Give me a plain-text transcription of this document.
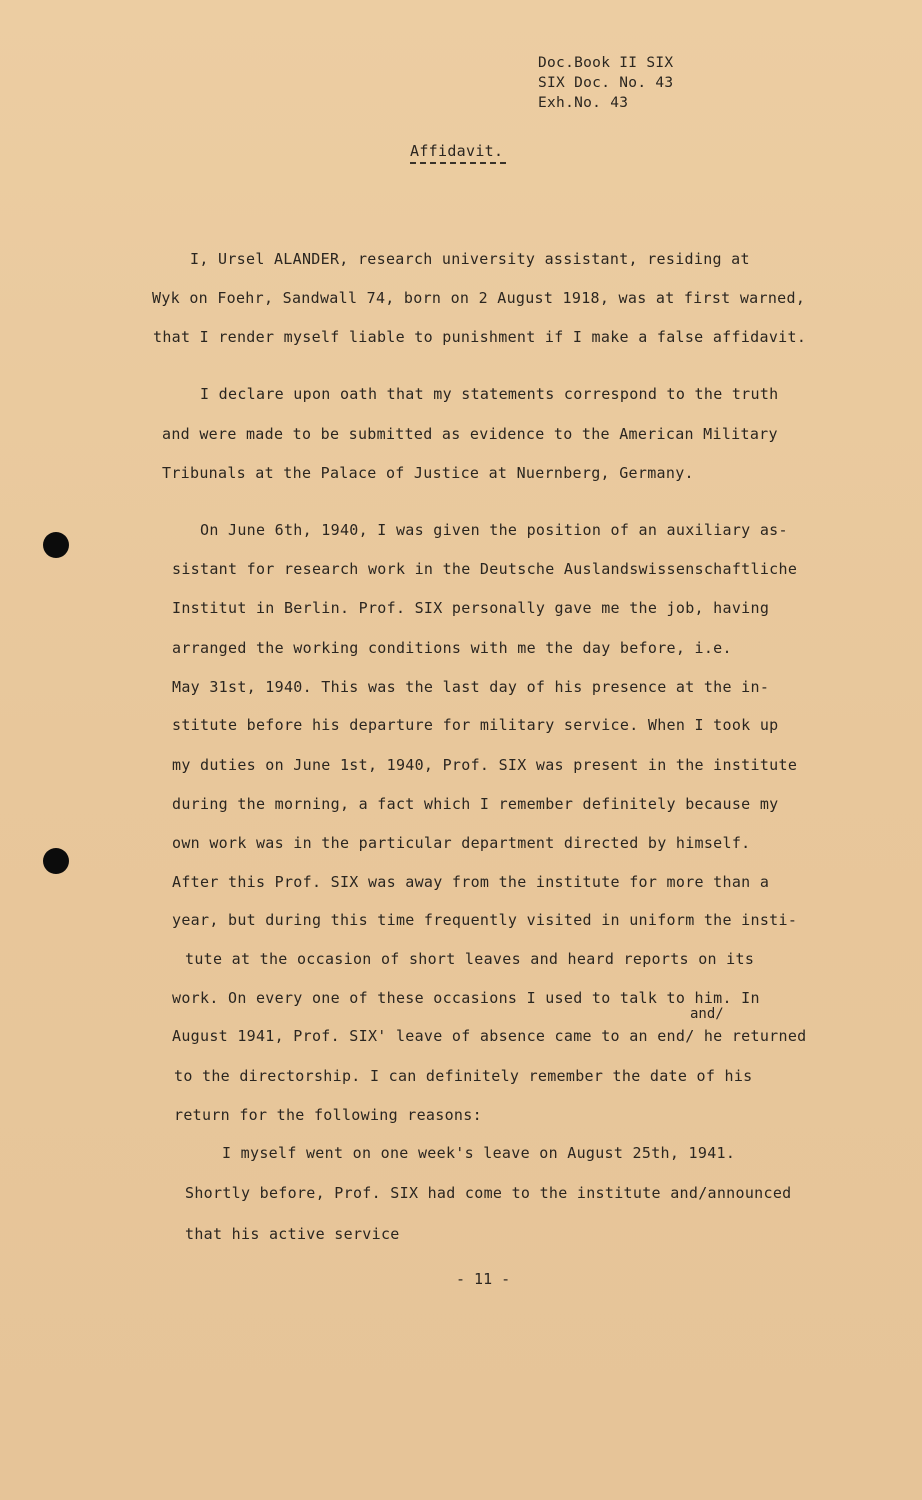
Doc.Book II SIX
SIX Doc. No. 43
Exh.No. 43
Affidavit.
I, Ursel ALANDER, research university assistant, residing at
Wyk on Foehr, Sandwall 74, born on 2 August 1918, was at first warned,
that I render myself liable to punishment if I make a false affidavit.
I declare upon oath that my statements correspond to the truth
and were made to be submitted as evidence to the American Military
Tribunals at the Palace of Justice at Nuernberg, Germany.
On June 6th, 1940, I was given the position of an auxiliary as-
sistant for research work in the Deutsche Auslandswissenschaftliche
Institut in Berlin. Prof. SIX personally gave me the job, having
arranged the working conditions with me the day before, i.e.
May 31st, 1940. This was the last day of his presence at the in-
stitute before his departure for military service. When I took up
my duties on June 1st, 1940, Prof. SIX was present in the institute
during the morning, a fact which I remember definitely because my
own work was in the particular department directed by himself.
After this Prof. SIX was away from the institute for more than a
year, but during this time frequently visited in uniform the insti-
tute at the occasion of short leaves and heard reports on its
work. On every one of these occasions I used to talk to him. In
and/
August 1941, Prof. SIX' leave of absence came to an end/ he returned
to the directorship. I can definitely remember the date of his
return for the following reasons:
I myself went on one week's leave on August 25th, 1941.
Shortly before, Prof. SIX had come to the institute and/announced
that his active service
- 11 -
